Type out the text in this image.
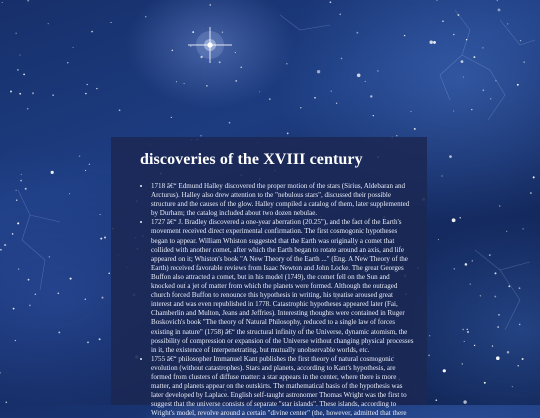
discoveries of the XVIII century
• 1718 â€“ Edmund Halley discovered the proper motion of the stars (Sirius, Aldebaran and Arcturus). Halley also drew attention to the "nebulous stars", discussed their possible structure and the causes of the glow. Halley compiled a catalog of them, later supplemented by Durham; the catalog included about two dozen nebulae.
• 1727 â€“ J. Bradley discovered a one-year aberration (20.25"), and the fact of the Earth's movement received direct experimental confirmation. The first cosmogonic hypotheses began to appear. William Whiston suggested that the Earth was originally a comet that collided with another comet, after which the Earth began to rotate around an axis, and life appeared on it; Whiston's book "A New Theory of the Earth ..." (Eng. A New Theory of the Earth) received favorable reviews from Isaac Newton and John Locke. The great Georges Buffon also attracted a comet, but in his model (1749), the comet fell on the Sun and knocked out a jet of matter from which the planets were formed. Although the outraged church forced Buffon to renounce this hypothesis in writing, his treatise aroused great interest and was even republished in 1778. Catastrophic hypotheses appeared later (Fai, Chamberlin and Multon, Jeans and Jeffries). Interesting thoughts were contained in Ruger Boskovich's book "The theory of Natural Philosophy, reduced to a single law of forces existing in nature" (1758) â€“ the structural infinity of the Universe, dynamic atomism, the possibility of compression or expansion of the Universe without changing physical processes in it, the existence of interpenetrating, but mutually unobservable worlds, etc.
• 1755 â€“ philosopher Immanuel Kant publishes the first theory of natural cosmogonic evolution (without catastrophes). Stars and planets, according to Kant's hypothesis, are formed from clusters of diffuse matter: a star appears in the center, where there is more matter, and planets appear on the outskirts. The mathematical basis of the hypothesis was later developed by Laplace. English self-taught astronomer Thomas Wright was the first to suggest that the universe consists of separate "star islands". These islands, according to Wright's model, revolve around a certain "divine center" (the, however, admitted that there
